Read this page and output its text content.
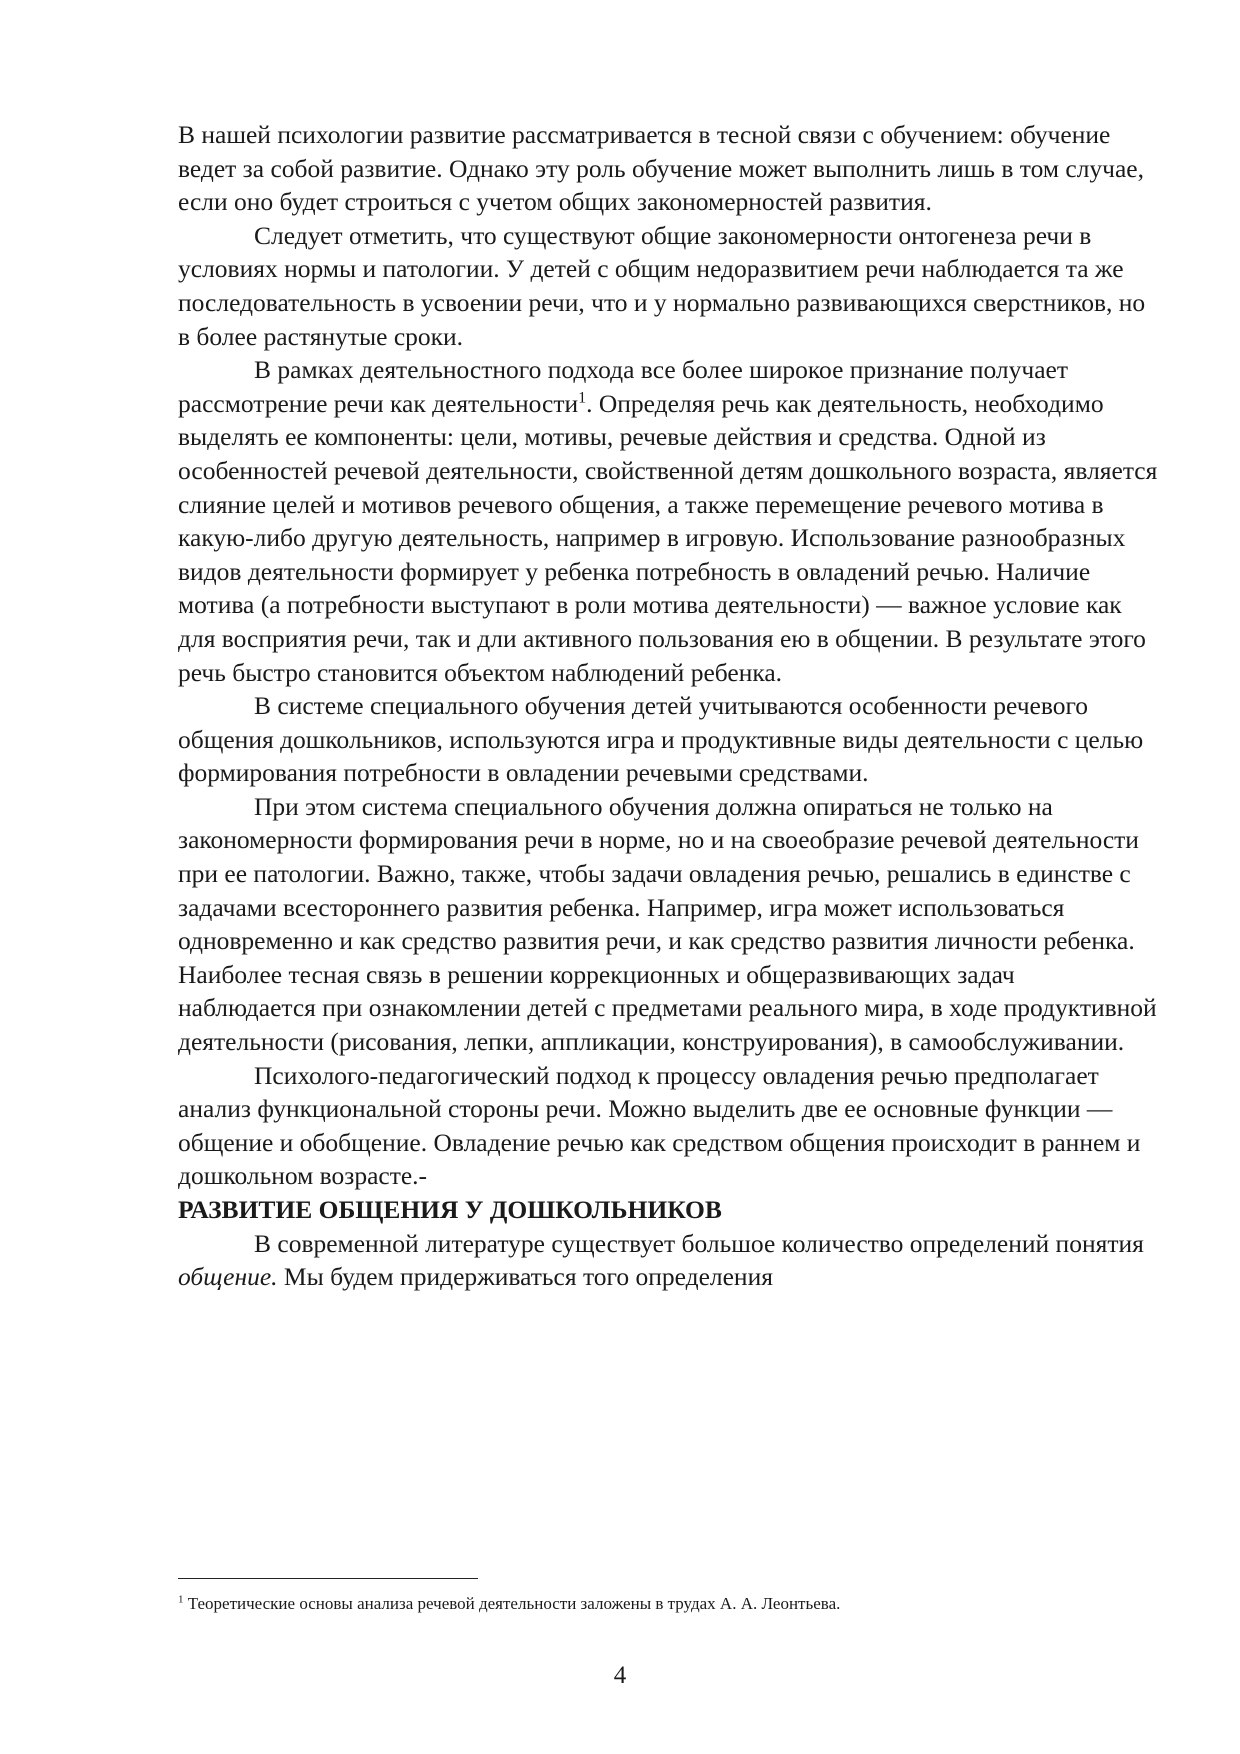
В нашей психологии развитие рассматривается в тесной связи с обучением: обучение ведет за собой развитие. Однако эту роль обучение может выполнить лишь в том случае, если оно будет строиться с учетом общих закономерностей развития.

Следует отметить, что существуют общие закономерности онтогенеза речи в условиях нормы и патологии. У детей с общим недоразвитием речи наблюдается та же последовательность в усвоении речи, что и у нормально развивающихся сверстников, но в более растянутые сроки.

В рамках деятельностного подхода все более широкое признание получает рассмотрение речи как деятельности$^1$. Определяя речь как деятельность, необходимо выделять ее компоненты: цели, мотивы, речевые действия и средства. Одной из особенностей речевой деятельности, свойственной детям дошкольного возраста, является слияние целей и мотивов речевого общения, а также перемещение речевого мотива в какую-либо другую деятельность, например в игровую. Использование разнообразных видов деятельности формирует у ребенка потребность в овладений речью. Наличие мотива (а потребности выступают в роли мотива деятельности) — важное условие как для восприятия речи, так и дли активного пользования ею в общении. В результате этого речь быстро становится объектом наблюдений ребенка.

В системе специального обучения детей учитываются особенности речевого общения дошкольников, используются игра и продуктивные виды деятельности с целью формирования потребности в овладении речевыми средствами.

При этом система специального обучения должна опираться не только на закономерности формирования речи в норме, но и на своеобразие речевой деятельности при ее патологии. Важно, также, чтобы задачи овладения речью, решались в единстве с задачами всестороннего развития ребенка. Например, игра может использоваться одновременно и как средство развития речи, и как средство развития личности ребенка. Наиболее тесная связь в решении коррекционных и общеразвивающих задач наблюдается при ознакомлении детей с предметами реального мира, в ходе продуктивной деятельности (рисования, лепки, аппликации, конструирования), в самообслуживании.

Психолого-педагогический подход к процессу овладения речью предполагает анализ функциональной стороны речи. Можно выделить две ее основные функции — общение и обобщение. Овладение речью как средством общения происходит в раннем и дошкольном возрасте.-

РАЗВИТИЕ ОБЩЕНИЯ У ДОШКОЛЬНИКОВ

В современной литературе существует большое количество определений понятия общение. Мы будем придерживаться того определения

$^1$ Теоретические основы анализа речевой деятельности заложены в трудах А. А. Леонтьева.
4
